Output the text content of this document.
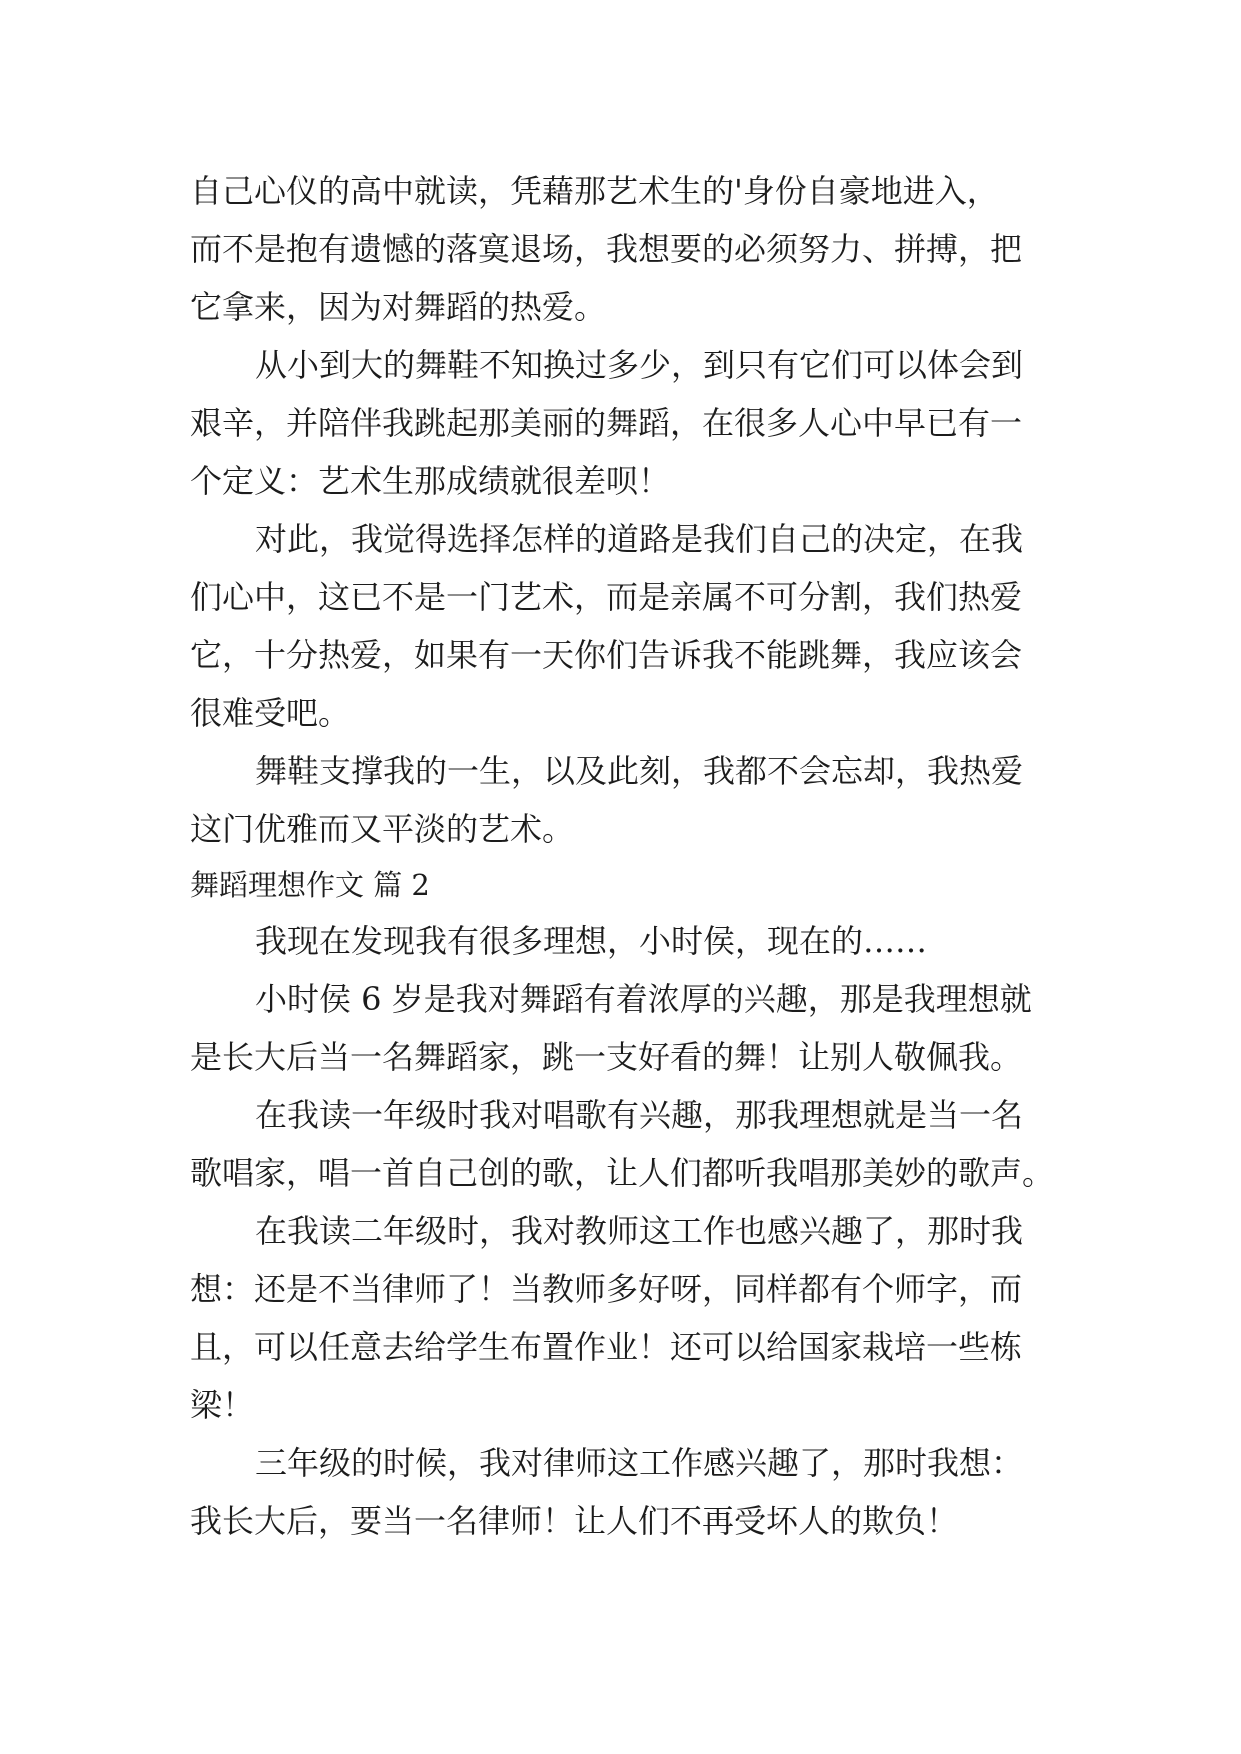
自己心仪的高中就读，凭藉那艺术生的'身份自豪地进入，
而不是抱有遗憾的落寞退场，我想要的必须努力、拼搏，把
它拿来，因为对舞蹈的热爱。
从小到大的舞鞋不知换过多少，到只有它们可以体会到
艰辛，并陪伴我跳起那美丽的舞蹈，在很多人心中早已有一
个定义：艺术生那成绩就很差呗！
对此，我觉得选择怎样的道路是我们自己的决定，在我
们心中，这已不是一门艺术，而是亲属不可分割，我们热爱
它，十分热爱，如果有一天你们告诉我不能跳舞，我应该会
很难受吧。
舞鞋支撑我的一生，以及此刻，我都不会忘却，我热爱
这门优雅而又平淡的艺术。
舞蹈理想作文 篇 2
我现在发现我有很多理想，小时侯，现在的……
小时侯 6 岁是我对舞蹈有着浓厚的兴趣，那是我理想就
是长大后当一名舞蹈家，跳一支好看的舞！让别人敬佩我。
在我读一年级时我对唱歌有兴趣，那我理想就是当一名
歌唱家，唱一首自己创的歌，让人们都听我唱那美妙的歌声。
在我读二年级时，我对教师这工作也感兴趣了，那时我
想：还是不当律师了！当教师多好呀，同样都有个师字，而
且，可以任意去给学生布置作业！还可以给国家栽培一些栋
梁！
三年级的时候，我对律师这工作感兴趣了，那时我想：
我长大后，要当一名律师！让人们不再受坏人的欺负！
